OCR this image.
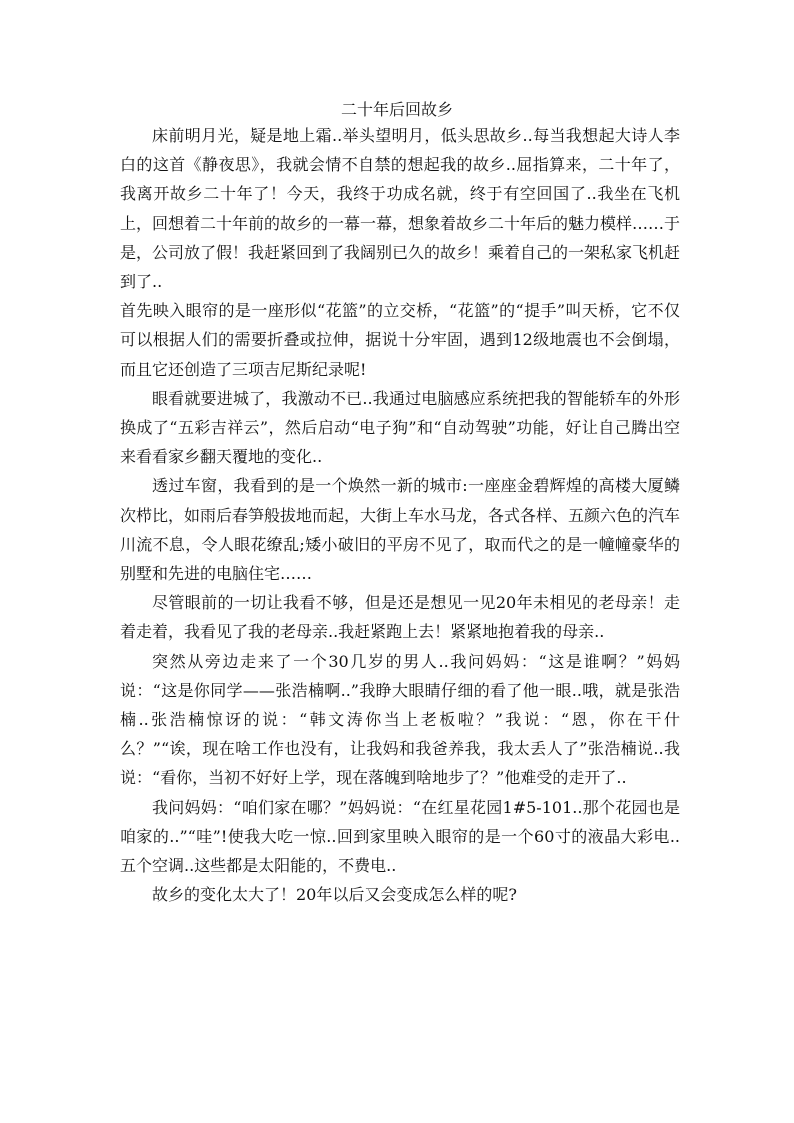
二十年后回故乡

床前明月光，疑是地上霜..举头望明月，低头思故乡..每当我想起大诗人李白的这首《静夜思》，我就会情不自禁的想起我的故乡..屈指算来，二十年了，我离开故乡二十年了！今天，我终于功成名就，终于有空回国了..我坐在飞机上，回想着二十年前的故乡的一幕一幕，想象着故乡二十年后的魅力模样……于是，公司放了假！我赶紧回到了我阔别已久的故乡！乘着自己的一架私家飞机赶到了..

首先映入眼帘的是一座形似“花篮”的立交桥，“花篮”的“提手”叫天桥，它不仅可以根据人们的需要折叠或拉伸，据说十分牢固，遇到12级地震也不会倒塌，而且它还创造了三项吉尼斯纪录呢!

眼看就要进城了，我激动不已..我通过电脑感应系统把我的智能轿车的外形换成了“五彩吉祥云”，然后启动“电子狗”和“自动驾驶”功能，好让自己腾出空来看看家乡翻天覆地的变化..

透过车窗，我看到的是一个焕然一新的城市:一座座金碧辉煌的高楼大厦鳞次栉比，如雨后春笋般拔地而起，大街上车水马龙，各式各样、五颜六色的汽车川流不息，令人眼花缭乱;矮小破旧的平房不见了，取而代之的是一幢幢豪华的别墅和先进的电脑住宅……

尽管眼前的一切让我看不够，但是还是想见一见20年未相见的老母亲！走着走着，我看见了我的老母亲..我赶紧跑上去！紧紧地抱着我的母亲..

突然从旁边走来了一个30几岁的男人..我问妈妈：“这是谁啊？”妈妈说：“这是你同学——张浩楠啊..”我睁大眼睛仔细的看了他一眼..哦，就是张浩楠..张浩楠惊讶的说：“韩文涛你当上老板啦？”我说：“恩，你在干什么？”“诶，现在啥工作也没有，让我妈和我爸养我，我太丢人了”张浩楠说..我说：“看你，当初不好好上学，现在落魄到啥地步了？”他难受的走开了..

我问妈妈：“咱们家在哪？”妈妈说：“在红星花园1#5-101..那个花园也是咱家的..”“哇”!使我大吃一惊..回到家里映入眼帘的是一个60寸的液晶大彩电..五个空调..这些都是太阳能的，不费电..

故乡的变化太大了！20年以后又会变成怎么样的呢?
